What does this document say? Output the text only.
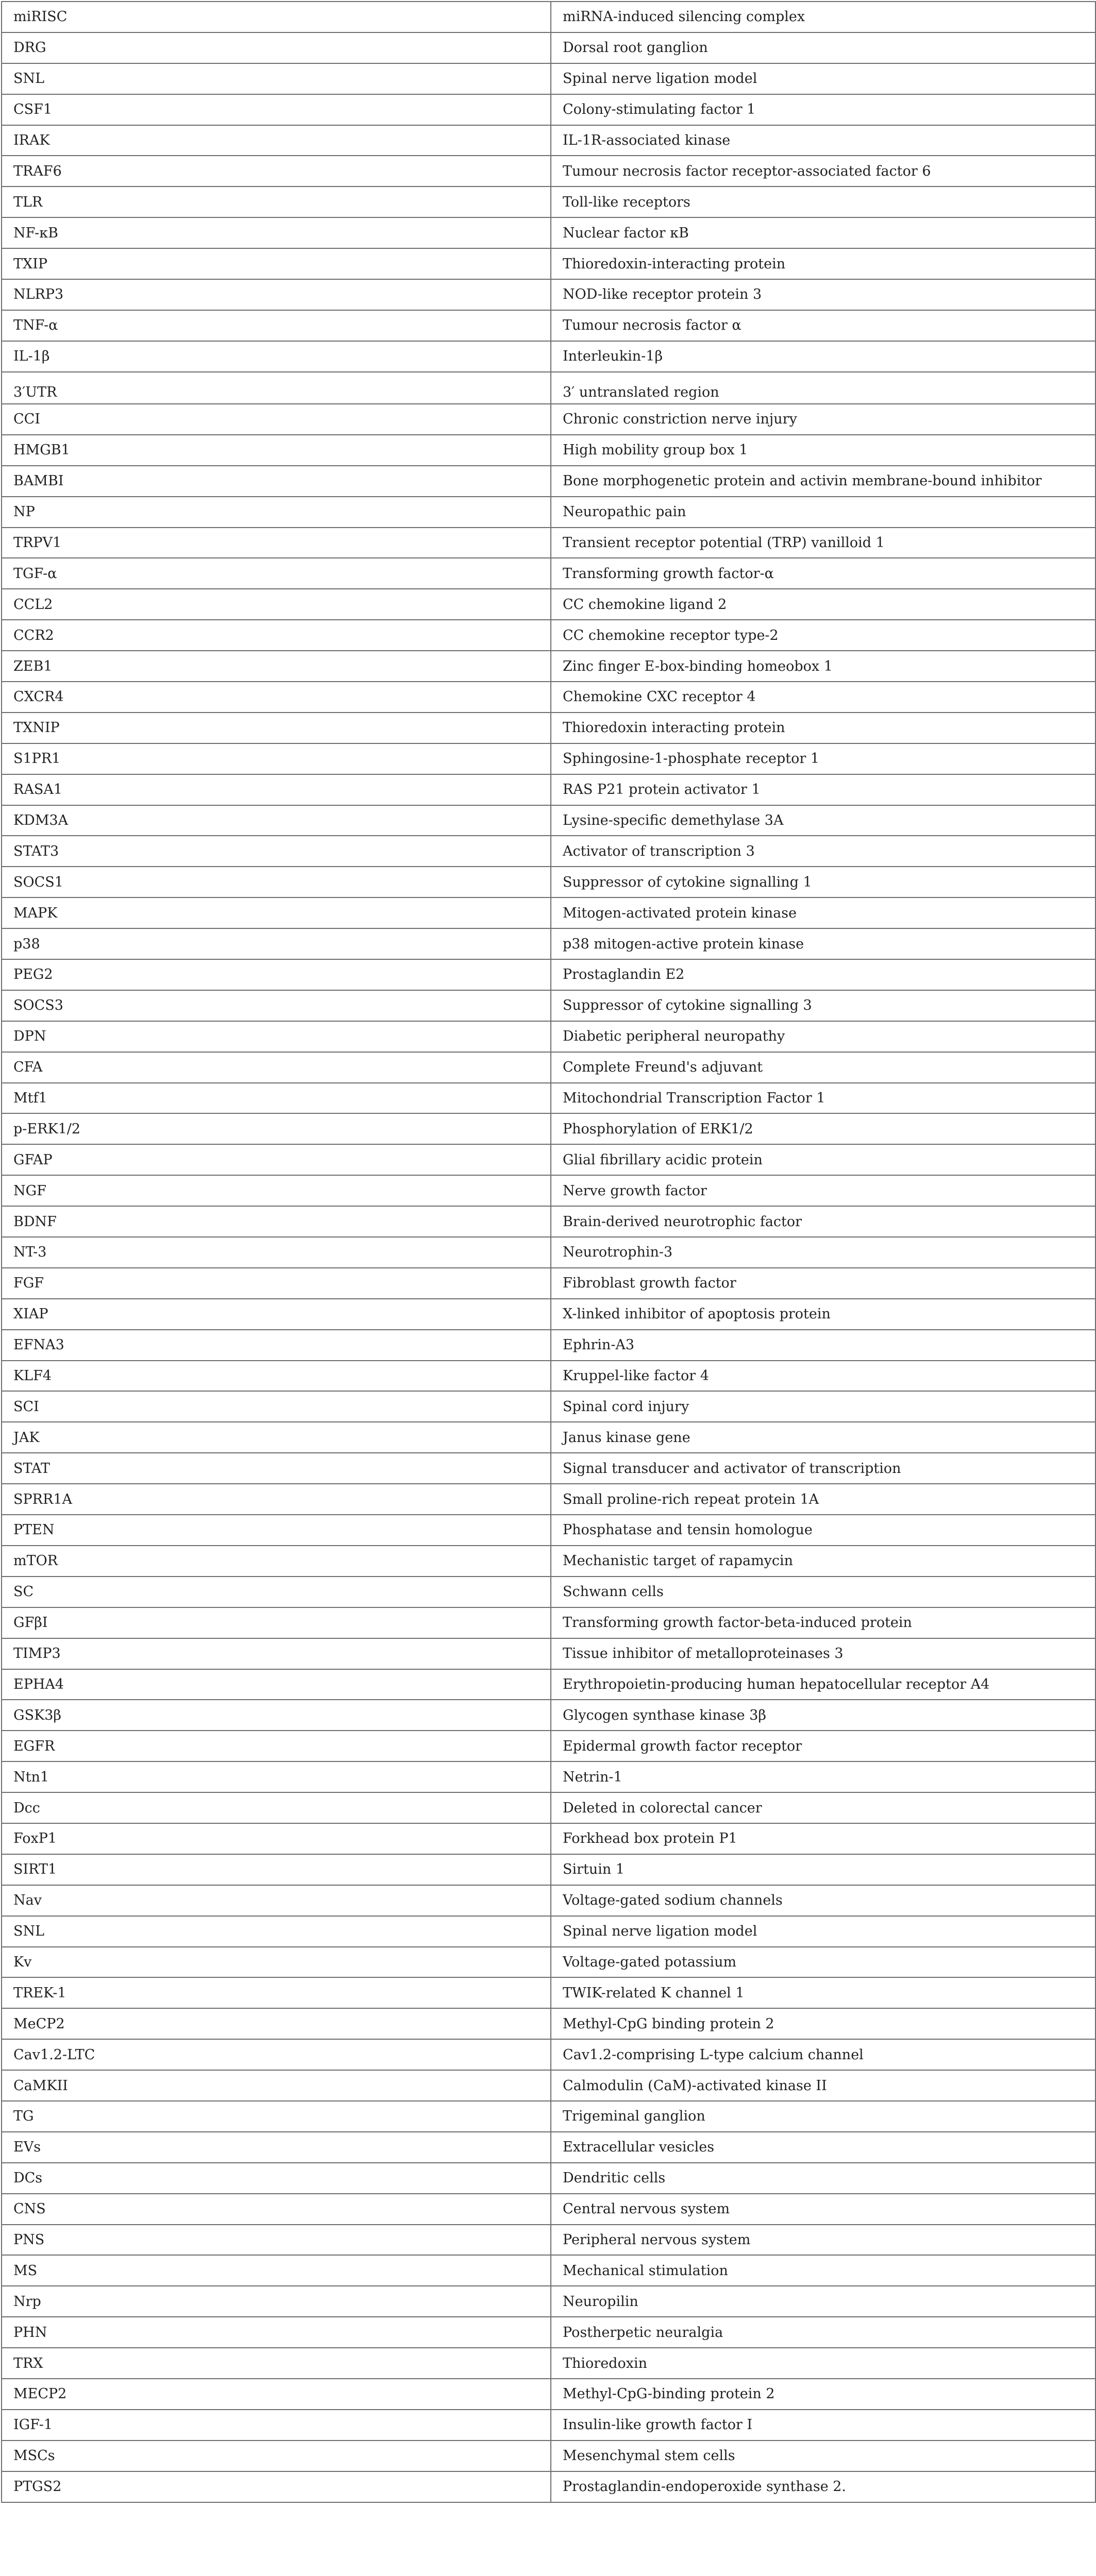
miRISC	miRNA-induced silencing complex
DRG	Dorsal root ganglion
SNL	Spinal nerve ligation model
CSF1	Colony-stimulating factor 1
IRAK	IL-1R-associated kinase
TRAF6	Tumour necrosis factor receptor-associated factor 6
TLR	Toll-like receptors
NF-κB	Nuclear factor κB
TXIP	Thioredoxin-interacting protein
NLRP3	NOD-like receptor protein 3
TNF-α	Tumour necrosis factor α
IL-1β	Interleukin-1β
3′UTR	3′ untranslated region
CCI	Chronic constriction nerve injury
HMGB1	High mobility group box 1
BAMBI	Bone morphogenetic protein and activin membrane-bound inhibitor
NP	Neuropathic pain
TRPV1	Transient receptor potential (TRP) vanilloid 1
TGF-α	Transforming growth factor-α
CCL2	CC chemokine ligand 2
CCR2	CC chemokine receptor type-2
ZEB1	Zinc finger E-box-binding homeobox 1
CXCR4	Chemokine CXC receptor 4
TXNIP	Thioredoxin interacting protein
S1PR1	Sphingosine-1-phosphate receptor 1
RASA1	RAS P21 protein activator 1
KDM3A	Lysine-specific demethylase 3A
STAT3	Activator of transcription 3
SOCS1	Suppressor of cytokine signalling 1
MAPK	Mitogen-activated protein kinase
p38	p38 mitogen-active protein kinase
PEG2	Prostaglandin E2
SOCS3	Suppressor of cytokine signalling 3
DPN	Diabetic peripheral neuropathy
CFA	Complete Freund's adjuvant
Mtf1	Mitochondrial Transcription Factor 1
p-ERK1/2	Phosphorylation of ERK1/2
GFAP	Glial fibrillary acidic protein
NGF	Nerve growth factor
BDNF	Brain-derived neurotrophic factor
NT-3	Neurotrophin-3
FGF	Fibroblast growth factor
XIAP	X-linked inhibitor of apoptosis protein
EFNA3	Ephrin-A3
KLF4	Kruppel-like factor 4
SCI	Spinal cord injury
JAK	Janus kinase gene
STAT	Signal transducer and activator of transcription
SPRR1A	Small proline-rich repeat protein 1A
PTEN	Phosphatase and tensin homologue
mTOR	Mechanistic target of rapamycin
SC	Schwann cells
GFβI	Transforming growth factor-beta-induced protein
TIMP3	Tissue inhibitor of metalloproteinases 3
EPHA4	Erythropoietin-producing human hepatocellular receptor A4
GSK3β	Glycogen synthase kinase 3β
EGFR	Epidermal growth factor receptor
Ntn1	Netrin-1
Dcc	Deleted in colorectal cancer
FoxP1	Forkhead box protein P1
SIRT1	Sirtuin 1
Nav	Voltage-gated sodium channels
SNL	Spinal nerve ligation model
Kv	Voltage-gated potassium
TREK-1	TWIK-related K channel 1
MeCP2	Methyl-CpG binding protein 2
Cav1.2-LTC	Cav1.2-comprising L-type calcium channel
CaMKII	Calmodulin (CaM)-activated kinase II
TG	Trigeminal ganglion
EVs	Extracellular vesicles
DCs	Dendritic cells
CNS	Central nervous system
PNS	Peripheral nervous system
MS	Mechanical stimulation
Nrp	Neuropilin
PHN	Postherpetic neuralgia
TRX	Thioredoxin
MECP2	Methyl-CpG-binding protein 2
IGF-1	Insulin-like growth factor I
MSCs	Mesenchymal stem cells
PTGS2	Prostaglandin-endoperoxide synthase 2.
